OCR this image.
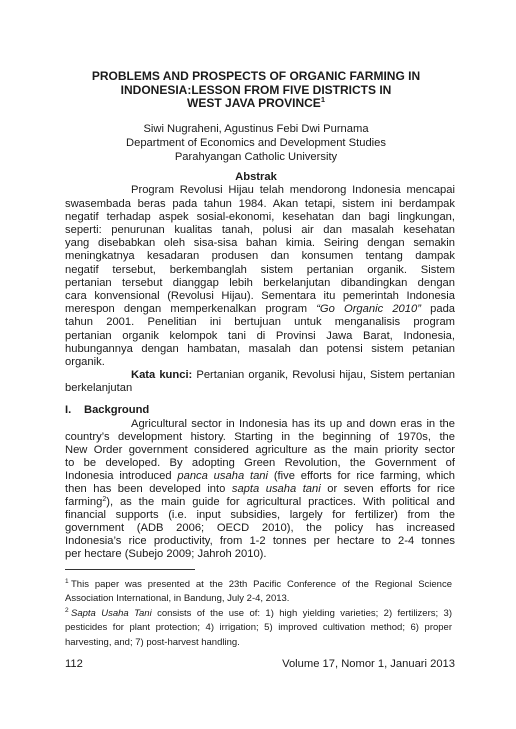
PROBLEMS AND PROSPECTS OF ORGANIC FARMING IN
INDONESIA:LESSON FROM FIVE DISTRICTS IN
WEST JAVA PROVINCE$^1$
Siwi Nugraheni, Agustinus Febi Dwi Purnama
Department of Economics and Development Studies
Parahyangan Catholic University
Abstrak
Program Revolusi Hijau telah mendorong Indonesia mencapai
swasembada beras pada tahun 1984. Akan tetapi, sistem ini berdampak
negatif terhadap aspek sosial-ekonomi, kesehatan dan bagi lingkungan,
seperti: penurunan kualitas tanah, polusi air dan masalah kesehatan
yang disebabkan oleh sisa-sisa bahan kimia. Seiring dengan semakin
meningkatnya kesadaran produsen dan konsumen tentang dampak
negatif tersebut, berkembanglah sistem pertanian organik. Sistem
pertanian tersebut dianggap lebih berkelanjutan dibandingkan dengan
cara konvensional (Revolusi Hijau). Sementara itu pemerintah Indonesia
merespon dengan memperkenalkan program “Go Organic 2010” pada
tahun 2001. Penelitian ini bertujuan untuk menganalisis program
pertanian organik kelompok tani di Provinsi Jawa Barat, Indonesia,
hubungannya dengan hambatan, masalah dan potensi sistem petanian
organik.
Kata kunci: Pertanian organik, Revolusi hijau, Sistem pertanian
berkelanjutan
I. Background
Agricultural sector in Indonesia has its up and down eras in the
country’s development history. Starting in the beginning of 1970s, the
New Order government considered agriculture as the main priority sector
to be developed. By adopting Green Revolution, the Government of
Indonesia introduced panca usaha tani (five efforts for rice farming, which
then has been developed into sapta usaha tani or seven efforts for rice
farming$^2$), as the main guide for agricultural practices. With political and
financial supports (i.e. input subsidies, largely for fertilizer) from the
government (ADB 2006; OECD 2010), the policy has increased
Indonesia’s rice productivity, from 1-2 tonnes per hectare to 2-4 tonnes
per hectare (Subejo 2009; Jahroh 2010).
1 This paper was presented at the 23th Pacific Conference of the Regional Science
Association International, in Bandung, July 2-4, 2013.
2 Sapta Usaha Tani consists of the use of: 1) high yielding varieties; 2) fertilizers; 3)
pesticides for plant protection; 4) irrigation; 5) improved cultivation method; 6) proper
harvesting, and; 7) post-harvest handling.
112	Volume 17, Nomor 1, Januari 2013
